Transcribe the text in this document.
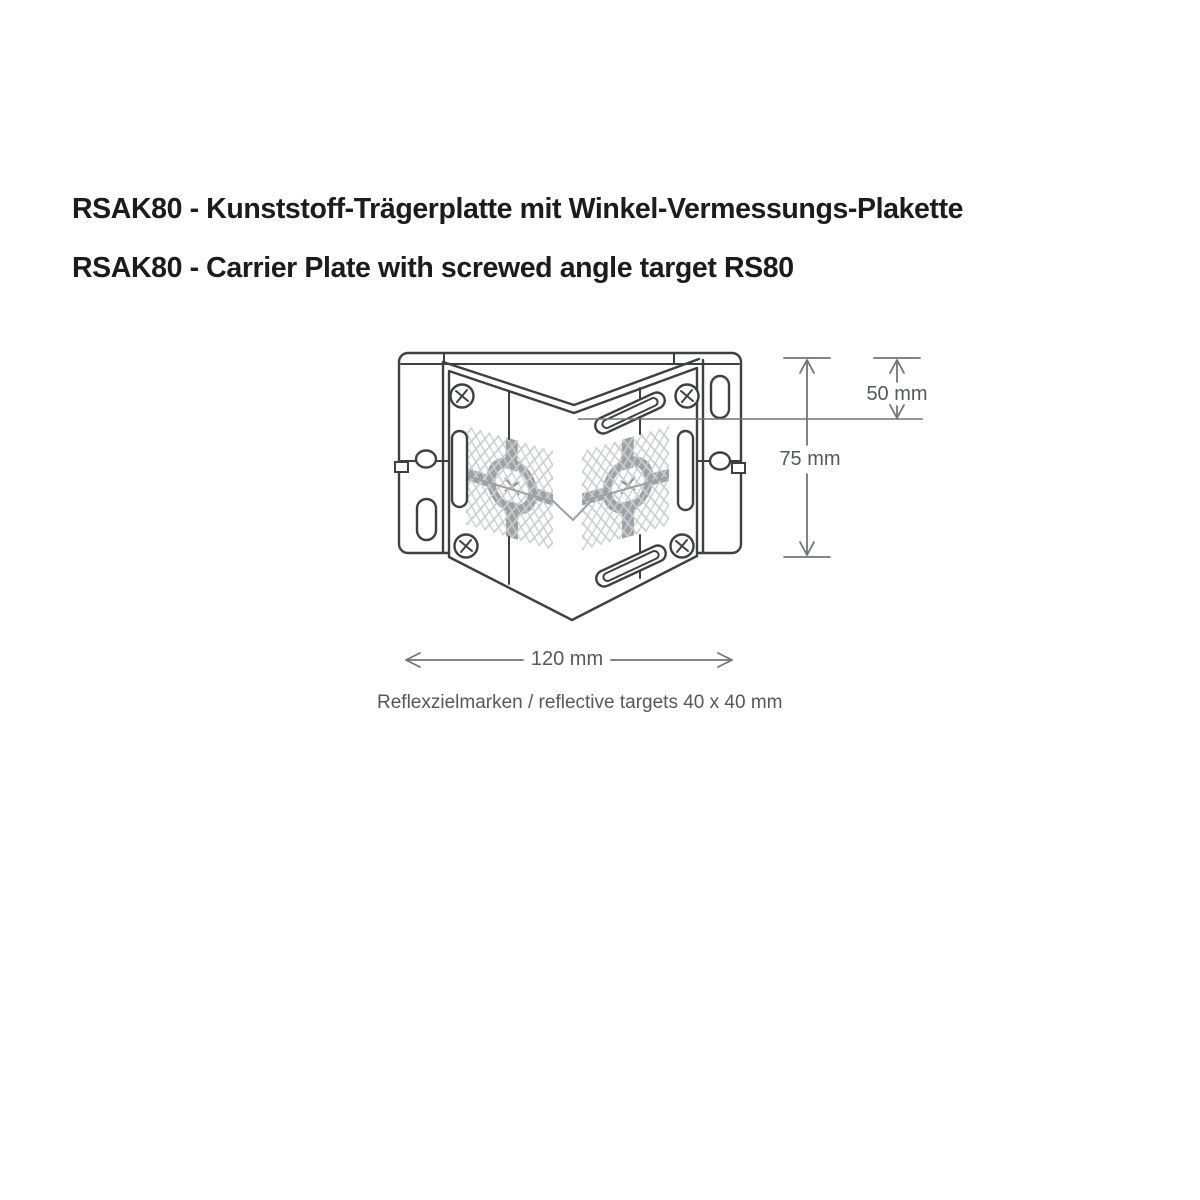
RSAK80 - Kunststoff-Trägerplatte mit Winkel-Vermessungs-Plakette
RSAK80 - Carrier Plate with screwed angle target RS80
50 mm
75 mm
120 mm
Reflexzielmarken / reflective targets 40 x 40 mm
